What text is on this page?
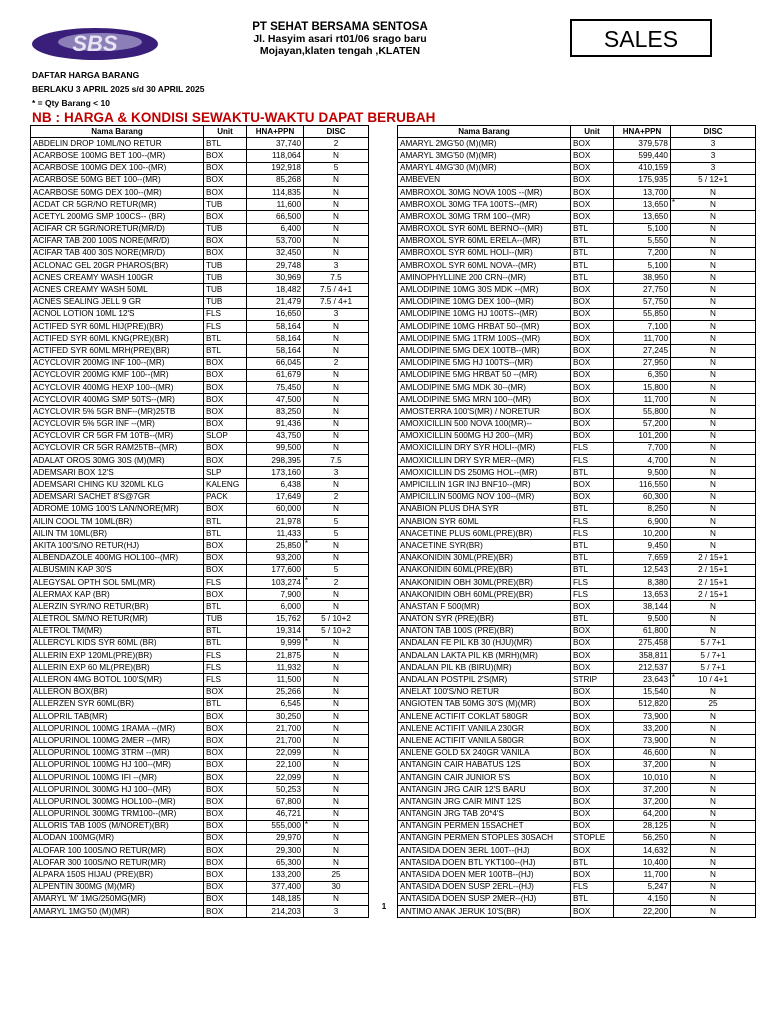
SBS
PT SEHAT BERSAMA SENTOSA
Jl. Hasyim asari rt01/06 srago baru
Mojayan,klaten tengah ,KLATEN	SALES
DAFTAR HARGA BARANG
BERLAKU 3 APRIL 2025 s/d 30 APRIL 2025
* = Qty Barang < 10
NB : HARGA & KONDISI SEWAKTU-WAKTU DAPAT BERUBAH
Nama Barang	Unit	HNA+PPN	DISC
ABDELIN DROP 10ML/NO RETUR	BTL	37,740	2
ACARBOSE 100MG BET 100--(MR)	BOX	118,064	N
ACARBOSE 100MG DEX 100--(MR)	BOX	192,918	5
ACARBOSE 50MG BET 100--(MR)	BOX	85,268	N
ACARBOSE 50MG DEX 100--(MR)	BOX	114,835	N
ACDAT CR 5GR/NO RETUR(MR)	TUB	11,600	N
ACETYL 200MG SMP 100CS-- (BR)	BOX	66,500	N
ACIFAR CR 5GR/NORETUR(MR/D)	TUB	6,400	N
ACIFAR TAB 200 100S NORE(MR/D)	BOX	53,700	N
ACIFAR TAB 400 30S NORE(MR/D)	BOX	32,450	N
ACLONAC GEL 20GR PHAROS(BR)	TUB	29,748	3
ACNES CREAMY WASH 100GR	TUB	30,969	7.5
ACNES CREAMY WASH 50ML	TUB	18,482	7.5 / 4+1
ACNES SEALING JELL 9 GR	TUB	21,479	7.5 / 4+1
ACNOL LOTION 10ML 12'S	FLS	16,650	3
ACTIFED SYR 60ML HIJ(PRE)(BR)	FLS	58,164	N
ACTIFED SYR 60ML KNG(PRE)(BR)	BTL	58,164	N
ACTIFED SYR 60ML MRH(PRE)(BR)	BTL	58,164	N
ACYCLOVIR 200MG INF 100--(MR)	BOX	66,045	2
ACYCLOVIR 200MG KMF 100--(MR)	BOX	61,679	N
ACYCLOVIR 400MG HEXP 100--(MR)	BOX	75,450	N
ACYCLOVIR 400MG SMP 50TS--(MR)	BOX	47,500	N
ACYCLOVIR 5% 5GR BNF--(MR)25TB	BOX	83,250	N
ACYCLOVIR 5% 5GR INF --(MR)	BOX	91,436	N
ACYCLOVIR CR 5GR FM 10TB--(MR)	SLOP	43,750	N
ACYCLOVIR CR 5GR RAM25TB--(MR)	BOX	99,500	N
ADALAT OROS 30MG 30S (M)(MR)	BOX	298,395	7.5
ADEMSARI BOX 12'S	SLP	173,160	3
ADEMSARI CHING KU 320ML KLG	KALENG	6,438	N
ADEMSARI SACHET 8'S@7GR	PACK	17,649	2
ADROME 10MG 100'S LAN/NORE(MR)	BOX	60,000	N
AILIN COOL TM 10ML(BR)	BTL	21,978	5
AILIN TM 10ML(BR)	BTL	11,433	5
AKITA 100'S/NO RETUR(HJ)	BOX	25,850 *	N
ALBENDAZOLE 400MG HOL100--(MR)	BOX	93,200	N
ALBUSMIN KAP 30'S	BOX	177,600	5
ALEGYSAL OPTH SOL 5ML(MR)	FLS	103,274 *	2
ALERMAX KAP (BR)	BOX	7,900	N
ALERZIN SYR/NO RETUR(BR)	BTL	6,000	N
ALETROL SM/NO RETUR(MR)	TUB	15,762	5 / 10+2
ALETROL TM(MR)	BTL	19,314	5 / 10+2
ALLERCYL KIDS SYR 60ML (BR)	BTL	9,999 *	N
ALLERIN EXP 120ML(PRE)(BR)	FLS	21,875	N
ALLERIN EXP 60 ML(PRE)(BR)	FLS	11,932	N
ALLERON 4MG BOTOL 100'S(MR)	FLS	11,500	N
ALLERON BOX(BR)	BOX	25,266	N
ALLERZEN SYR 60ML(BR)	BTL	6,545	N
ALLOPRIL TAB(MR)	BOX	30,250	N
ALLOPURINOL 100MG 1RAMA --(MR)	BOX	21,700	N
ALLOPURINOL 100MG 2MER --(MR)	BOX	21,700	N
ALLOPURINOL 100MG 3TRM --(MR)	BOX	22,099	N
ALLOPURINOL 100MG HJ 100--(MR)	BOX	22,100	N
ALLOPURINOL 100MG IFI --(MR)	BOX	22,099	N
ALLOPURINOL 300MG HJ 100--(MR)	BOX	50,253	N
ALLOPURINOL 300MG HOL100--(MR)	BOX	67,800	N
ALLOPURINOL 300MG TRM100--(MR)	BOX	46,721	N
ALLORIS TAB 100S (M/NORET)(BR)	BOX	555,000 *	N
ALODAN 100MG(MR)	BOX	29,970	N
ALOFAR 100 100S/NO RETUR(MR)	BOX	29,300	N
ALOFAR 300 100S/NO RETUR(MR)	BOX	65,300	N
ALPARA 150S HIJAU (PRE)(BR)	BOX	133,200	25
ALPENTIN 300MG (M)(MR)	BOX	377,400	30
AMARYL 'M' 1MG/250MG(MR)	BOX	148,185	N
AMARYL 1MG'50 (M)(MR)	BOX	214,203	3
Nama Barang	Unit	HNA+PPN	DISC
AMARYL 2MG'50 (M)(MR)	BOX	379,578	3
AMARYL 3MG'50 (M)(MR)	BOX	599,440	3
AMARYL 4MG'30 (M)(MR)	BOX	410,159	3
AMBEVEN	BOX	175,935	5 / 12+1
AMBROXOL 30MG NOVA 100S --(MR)	BOX	13,700	N
AMBROXOL 30MG TFA 100TS--(MR)	BOX	13,650 *	N
AMBROXOL 30MG TRM 100--(MR)	BOX	13,650	N
AMBROXOL SYR 60ML BERNO--(MR)	BTL	5,100	N
AMBROXOL SYR 60ML ERELA--(MR)	BTL	5,550	N
AMBROXOL SYR 60ML HOLI--(MR)	BTL	7,200	N
AMBROXOL SYR 60ML NOVA--(MR)	BTL	5,100	N
AMINOPHYLLINE 200 CRN--(MR)	BTL	38,950	N
AMLODIPINE 10MG 30S MDK --(MR)	BOX	27,750	N
AMLODIPINE 10MG DEX 100--(MR)	BOX	57,750	N
AMLODIPINE 10MG HJ 100TS--(MR)	BOX	55,850	N
AMLODIPINE 10MG HRBAT 50--(MR)	BOX	7,100	N
AMLODIPINE 5MG 1TRM 100S--(MR)	BOX	11,700	N
AMLODIPINE 5MG DEX 100TB--(MR)	BOX	27,245	N
AMLODIPINE 5MG HJ 100TS--(MR)	BOX	27,950	N
AMLODIPINE 5MG HRBAT 50 --(MR)	BOX	6,350	N
AMLODIPINE 5MG MDK 30--(MR)	BOX	15,800	N
AMLODIPINE 5MG MRN 100--(MR)	BOX	11,700	N
AMOSTERRA 100'S(MR) / NORETUR	BOX	55,800	N
AMOXICILLIN 500 NOVA 100(MR)--	BOX	57,200	N
AMOXICILLIN 500MG HJ 200--(MR)	BOX	101,200	N
AMOXICILLIN DRY SYR HOLI--(MR)	FLS	7,700	N
AMOXICILLIN DRY SYR MER--(MR)	FLS	4,700	N
AMOXICILLIN DS 250MG HOL--(MR)	BTL	9,500	N
AMPICILLIN 1GR INJ BNF10--(MR)	BOX	116,550	N
AMPICILLIN 500MG NOV 100--(MR)	BOX	60,300	N
ANABION PLUS DHA SYR	BTL	8,250	N
ANABION SYR 60ML	FLS	6,900	N
ANACETINE PLUS 60ML(PRE)(BR)	FLS	10,200	N
ANACETINE SYR(BR)	BTL	9,450	N
ANAKONIDIN 30ML(PRE)(BR)	BTL	7,659	2 / 15+1
ANAKONIDIN 60ML(PRE)(BR)	BTL	12,543	2 / 15+1
ANAKONIDIN OBH 30ML(PRE)(BR)	FLS	8,380	2 / 15+1
ANAKONIDIN OBH 60ML(PRE)(BR)	FLS	13,653	2 / 15+1
ANASTAN F 500(MR)	BOX	38,144	N
ANATON SYR (PRE)(BR)	BTL	9,500	N
ANATON TAB 100S (PRE)(BR)	BOX	61,800	N
ANDALAN FE PIL KB 30 (HJU)(MR)	BOX	275,458	5 / 7+1
ANDALAN LAKTA PIL KB (MRH)(MR)	BOX	358,811	5 / 7+1
ANDALAN PIL KB (BIRU)(MR)	BOX	212,537	5 / 7+1
ANDALAN POSTPIL 2'S(MR)	STRIP	23,643 *	10 / 4+1
ANELAT 100'S/NO RETUR	BOX	15,540	N
ANGIOTEN TAB 50MG 30'S (M)(MR)	BOX	512,820	25
ANLENE ACTIFIT COKLAT 580GR	BOX	73,900	N
ANLENE ACTIFIT VANILA 230GR	BOX	33,200	N
ANLENE ACTIFIT VANILA 580GR	BOX	73,900	N
ANLENE GOLD 5X 240GR VANILA	BOX	46,600	N
ANTANGIN CAIR HABATUS 12S	BOX	37,200	N
ANTANGIN CAIR JUNIOR 5'S	BOX	10,010	N
ANTANGIN JRG CAIR 12'S BARU	BOX	37,200	N
ANTANGIN JRG CAIR MINT 12S	BOX	37,200	N
ANTANGIN JRG TAB 20*4'S	BOX	64,200	N
ANTANGIN PERMEN 15SACHET	BOX	28,125	N
ANTANGIN PERMEN STOPLES 30SACH	STOPLE	56,250	N
ANTASIDA DOEN 3ERL 100T--(HJ)	BOX	14,632	N
ANTASIDA DOEN BTL YKT100--(HJ)	BTL	10,400	N
ANTASIDA DOEN MER 100TB--(HJ)	BOX	11,700	N
ANTASIDA DOEN SUSP 2ERL--(HJ)	FLS	5,247	N
ANTASIDA DOEN SUSP 2MER--(HJ)	BTL	4,150	N
ANTIMO ANAK JERUK 10'S(BR)	BOX	22,200	N
1
